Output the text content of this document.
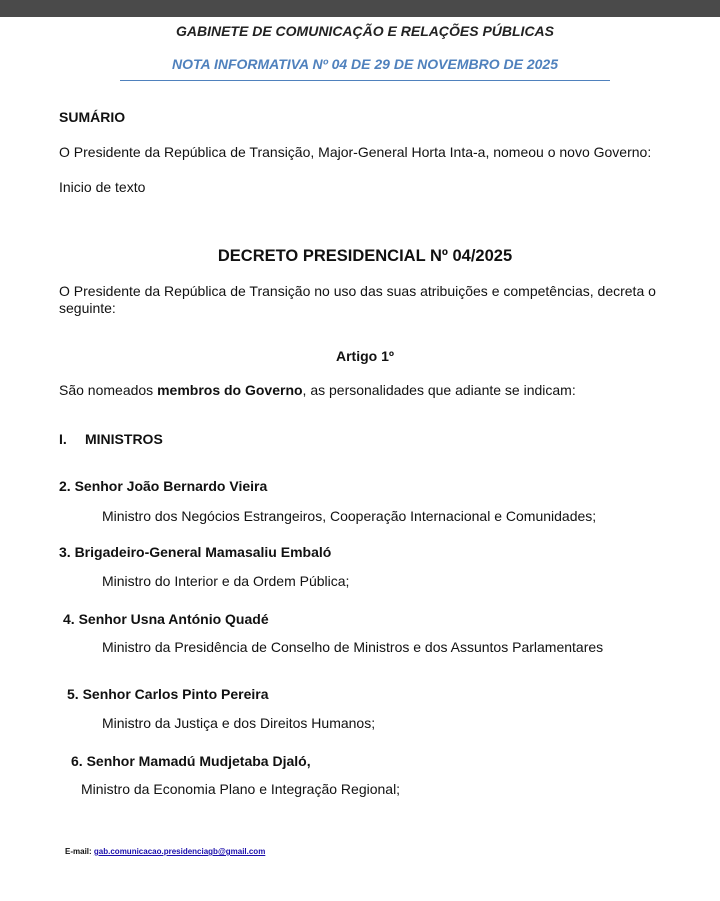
GABINETE DE COMUNICAÇÃO E RELAÇÕES PÚBLICAS
NOTA INFORMATIVA Nº 04 DE 29 DE NOVEMBRO DE 2025
SUMÁRIO
O Presidente da República de Transição, Major-General Horta Inta-a, nomeou o novo Governo:
Inicio de texto
DECRETO PRESIDENCIAL Nº 04/2025
O Presidente da República de Transição no uso das suas atribuições e competências, decreta o
seguinte:
Artigo 1º
São nomeados membros do Governo, as personalidades que adiante se indicam:
I. MINISTROS
2. Senhor João Bernardo Vieira
Ministro dos Negócios Estrangeiros, Cooperação Internacional e Comunidades;
3. Brigadeiro-General Mamasaliu Embaló
Ministro do Interior e da Ordem Pública;
4. Senhor Usna António Quadé
Ministro da Presidência de Conselho de Ministros e dos Assuntos Parlamentares
5. Senhor Carlos Pinto Pereira
Ministro da Justiça e dos Direitos Humanos;
6. Senhor Mamadú Mudjetaba Djaló,
Ministro da Economia Plano e Integração Regional;
E-mail: gab.comunicacao.presidenciagb@gmail.com
